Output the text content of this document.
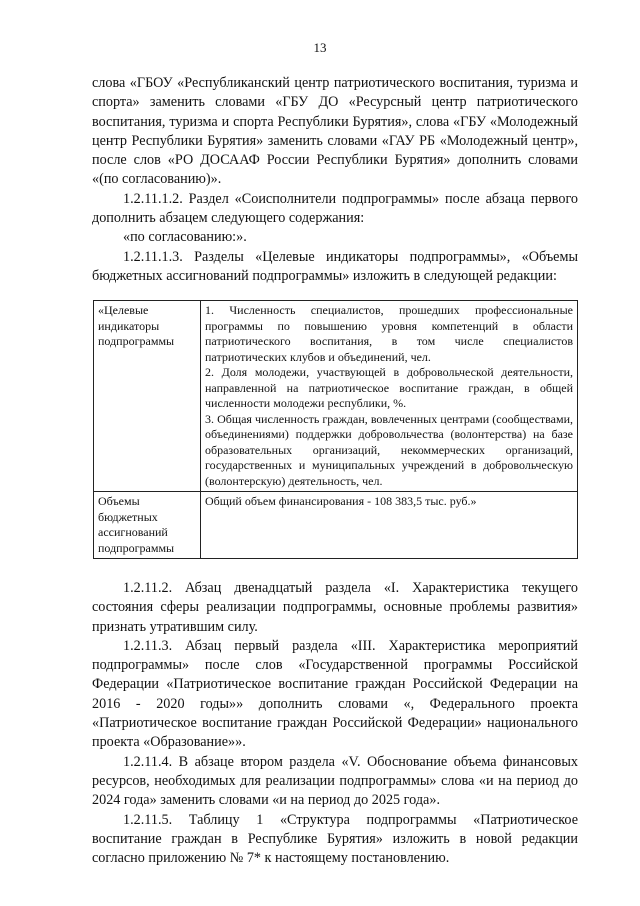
13

слова «ГБОУ «Республиканский центр патриотического воспитания, туризма и спорта» заменить словами «ГБУ ДО «Ресурсный центр патриотического воспитания, туризма и спорта Республики Бурятия», слова «ГБУ «Молодежный центр Республики Бурятия» заменить словами «ГАУ РБ «Молодежный центр», после слов «РО ДОСААФ России Республики Бурятия» дополнить словами «(по согласованию)».

1.2.11.1.2. Раздел «Соисполнители подпрограммы» после абзаца первого дополнить абзацем следующего содержания:

«по согласованию:».

1.2.11.1.3. Разделы «Целевые индикаторы подпрограммы», «Объемы бюджетных ассигнований подпрограммы» изложить в следующей редакции:

«Целевые индикаторы подпрограммы	1. Численность специалистов, прошедших профессиональные программы по повышению уровня компетенций в области патриотического воспитания, в том числе специалистов патриотических клубов и объединений, чел.
2. Доля молодежи, участвующей в добровольческой деятельности, направленной на патриотическое воспитание граждан, в общей численности молодежи республики, %.
3. Общая численность граждан, вовлеченных центрами (сообществами, объединениями) поддержки добровольчества (волонтерства) на базе образовательных организаций, некоммерческих организаций, государственных и муниципальных учреждений в добровольческую (волонтерскую) деятельность, чел.

Объемы бюджетных ассигнований подпрограммы	Общий объем финансирования - 108 383,5 тыс. руб.»

1.2.11.2. Абзац двенадцатый раздела «I. Характеристика текущего состояния сферы реализации подпрограммы, основные проблемы развития» признать утратившим силу.

1.2.11.3. Абзац первый раздела «III. Характеристика мероприятий подпрограммы» после слов «Государственной программы Российской Федерации «Патриотическое воспитание граждан Российской Федерации на 2016 - 2020 годы»» дополнить словами «, Федерального проекта «Патриотическое воспитание граждан Российской Федерации» национального проекта «Образование»».

1.2.11.4. В абзаце втором раздела «V. Обоснование объема финансовых ресурсов, необходимых для реализации подпрограммы» слова «и на период до 2024 года» заменить словами «и на период до 2025 года».

1.2.11.5. Таблицу 1 «Структура подпрограммы «Патриотическое воспитание граждан в Республике Бурятия» изложить в новой редакции согласно приложению № 7* к настоящему постановлению.
